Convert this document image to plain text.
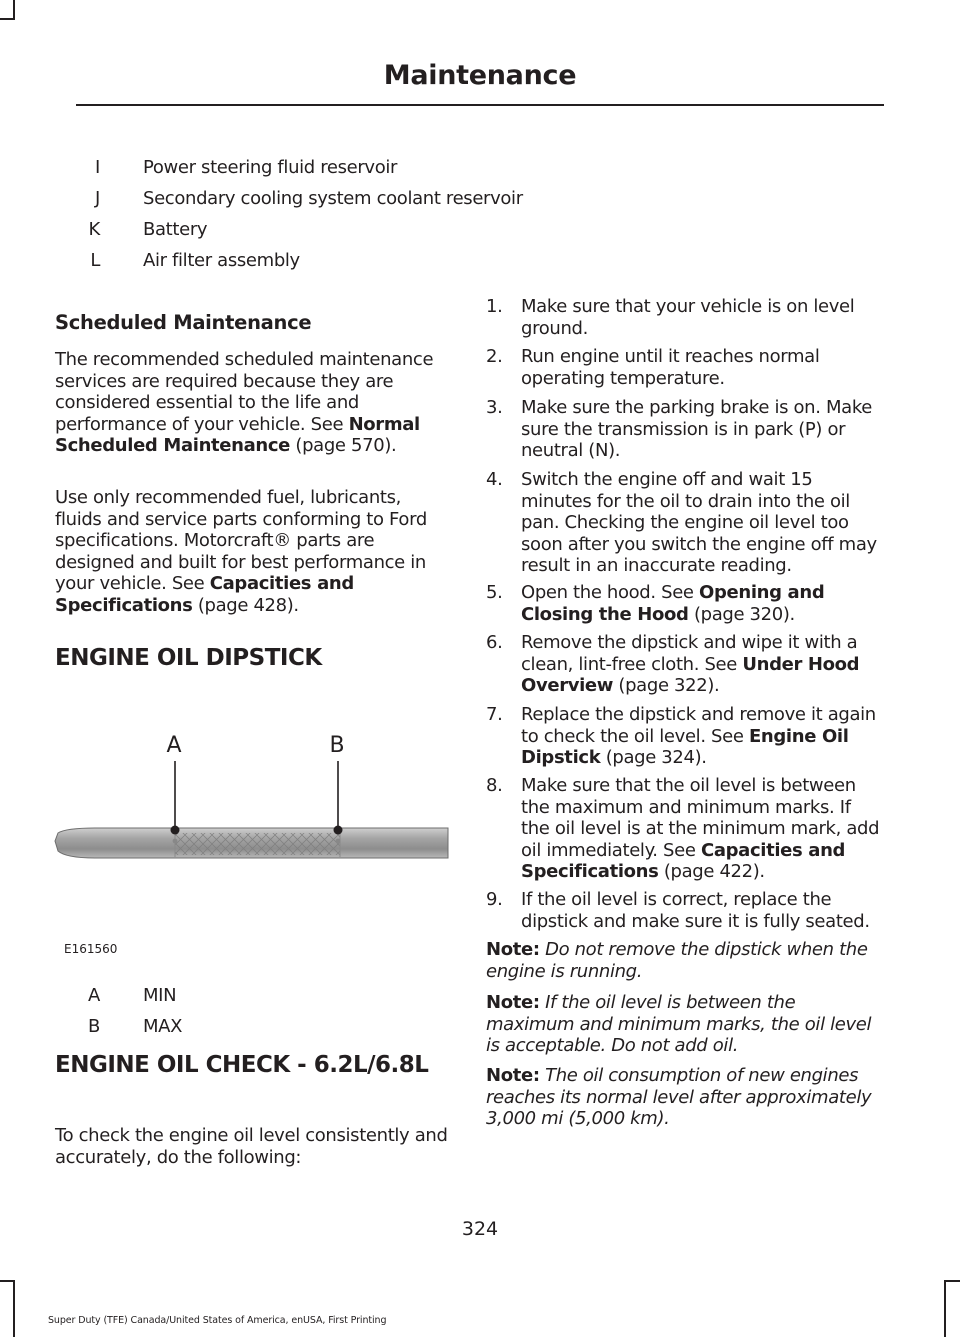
Maintenance
I Power steering fluid reservoir
J Secondary cooling system coolant reservoir
K Battery
L Air filter assembly
Scheduled Maintenance
The recommended scheduled maintenance services are required because they are considered essential to the life and performance of your vehicle. See Normal Scheduled Maintenance (page 570).
Use only recommended fuel, lubricants, fluids and service parts conforming to Ford specifications. Motorcraft® parts are designed and built for best performance in your vehicle. See Capacities and Specifications (page 428).
ENGINE OIL DIPSTICK
A	B
E161560
A MIN
B MAX
ENGINE OIL CHECK - 6.2L/6.8L
To check the engine oil level consistently and accurately, do the following:
1. Make sure that your vehicle is on level ground.
2. Run engine until it reaches normal operating temperature.
3. Make sure the parking brake is on. Make sure the transmission is in park (P) or neutral (N).
4. Switch the engine off and wait 15 minutes for the oil to drain into the oil pan. Checking the engine oil level too soon after you switch the engine off may result in an inaccurate reading.
5. Open the hood. See Opening and Closing the Hood (page 320).
6. Remove the dipstick and wipe it with a clean, lint-free cloth. See Under Hood Overview (page 322).
7. Replace the dipstick and remove it again to check the oil level. See Engine Oil Dipstick (page 324).
8. Make sure that the oil level is between the maximum and minimum marks. If the oil level is at the minimum mark, add oil immediately. See Capacities and Specifications (page 422).
9. If the oil level is correct, replace the dipstick and make sure it is fully seated.
Note: Do not remove the dipstick when the engine is running.
Note: If the oil level is between the maximum and minimum marks, the oil level is acceptable. Do not add oil.
Note: The oil consumption of new engines reaches its normal level after approximately 3,000 mi (5,000 km).
324
Super Duty (TFE) Canada/United States of America, enUSA, First Printing
